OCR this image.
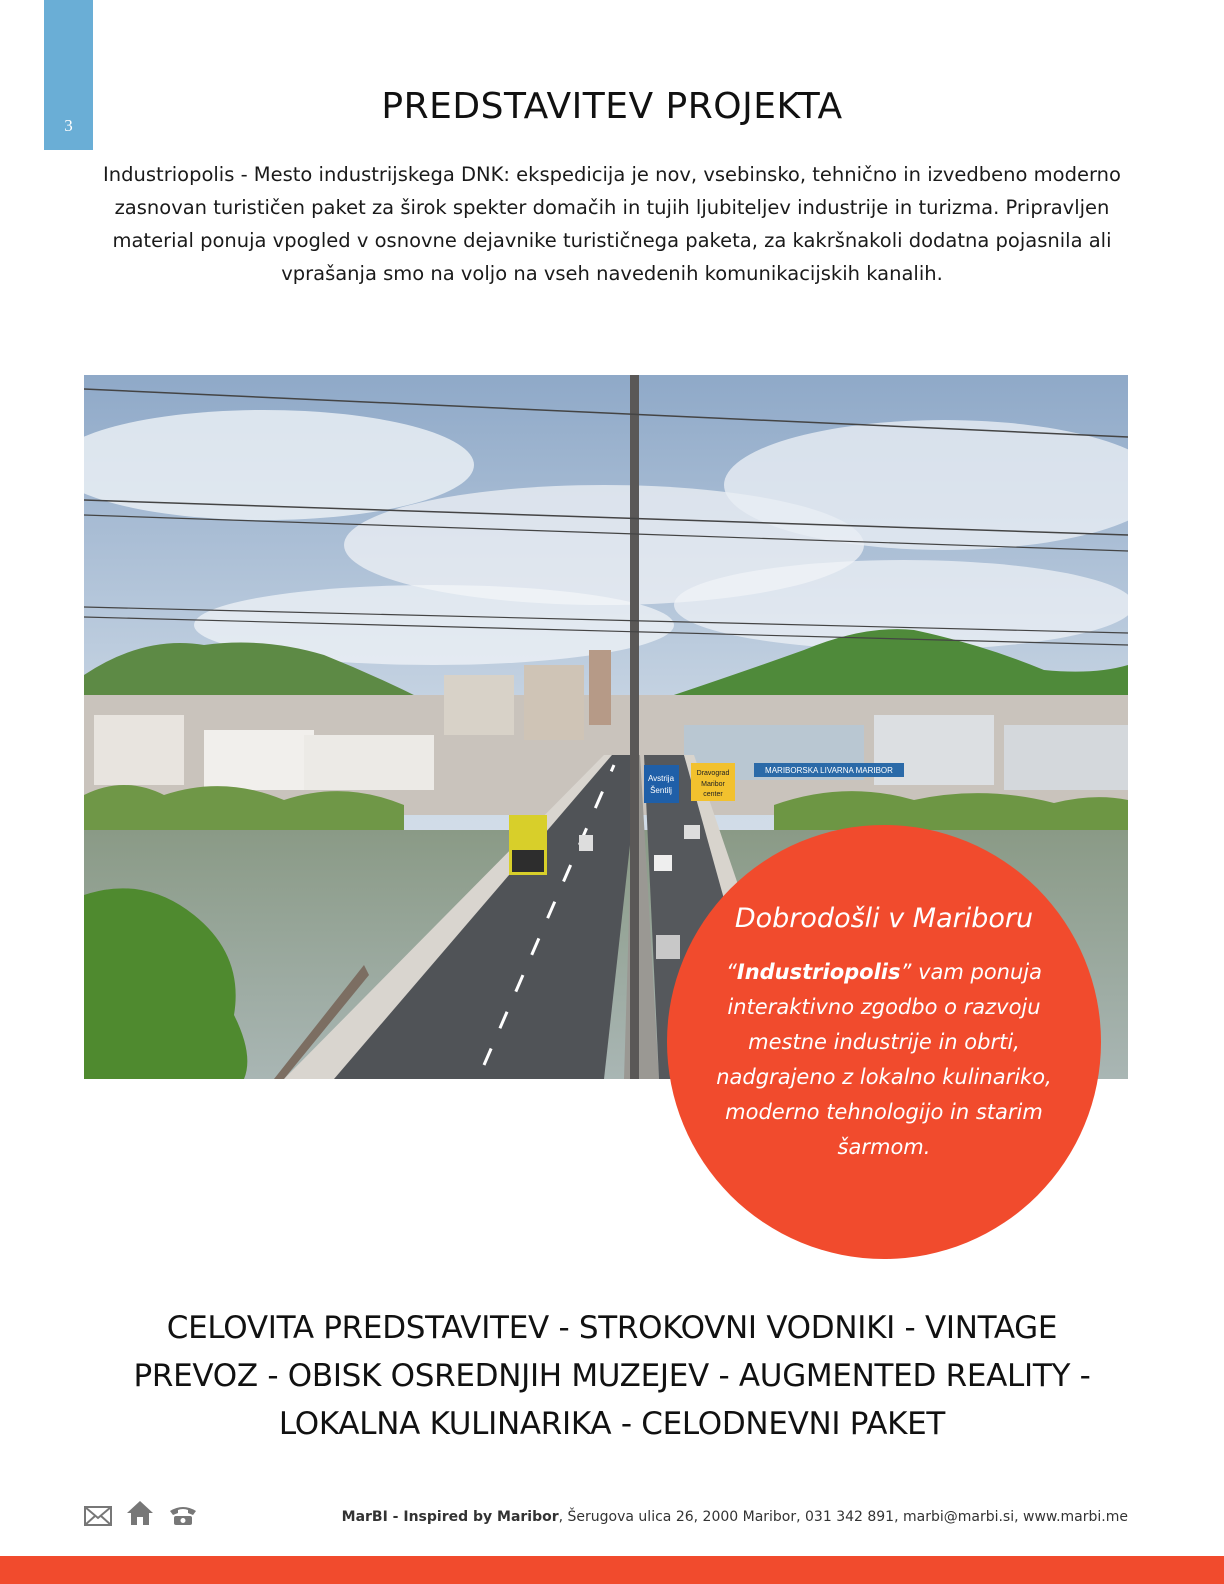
3	PREDSTAVITEV PROJEKTA
Industriopolis - Mesto industrijskega DNK: ekspedicija je nov, vsebinsko, tehnično in izvedbeno moderno zasnovan turističen paket za širok spekter domačih in tujih ljubiteljev industrije in turizma. Pripravljen material ponuja vpogled v osnovne dejavnike turističnega paketa, za kakršnakoli dodatna pojasnila ali vprašanja smo na voljo na vseh navedenih komunikacijskih kanalih.
Avstrija
Šentilj
Dravograd
Maribor
center
MARIBORSKA LIVARNA MARIBOR
Dobrodošli v Mariboru
“Industriopolis” vam ponuja interaktivno zgodbo o razvoju mestne industrije in obrti, nadgrajeno z lokalno kulinariko, moderno tehnologijo in starim šarmom.
CELOVITA PREDSTAVITEV - STROKOVNI VODNIKI - VINTAGE
PREVOZ - OBISK OSREDNJIH MUZEJEV - AUGMENTED REALITY -
LOKALNA KULINARIKA - CELODNEVNI PAKET
MarBI - Inspired by Maribor, Šerugova ulica 26, 2000 Maribor, 031 342 891, marbi@marbi.si, www.marbi.me
